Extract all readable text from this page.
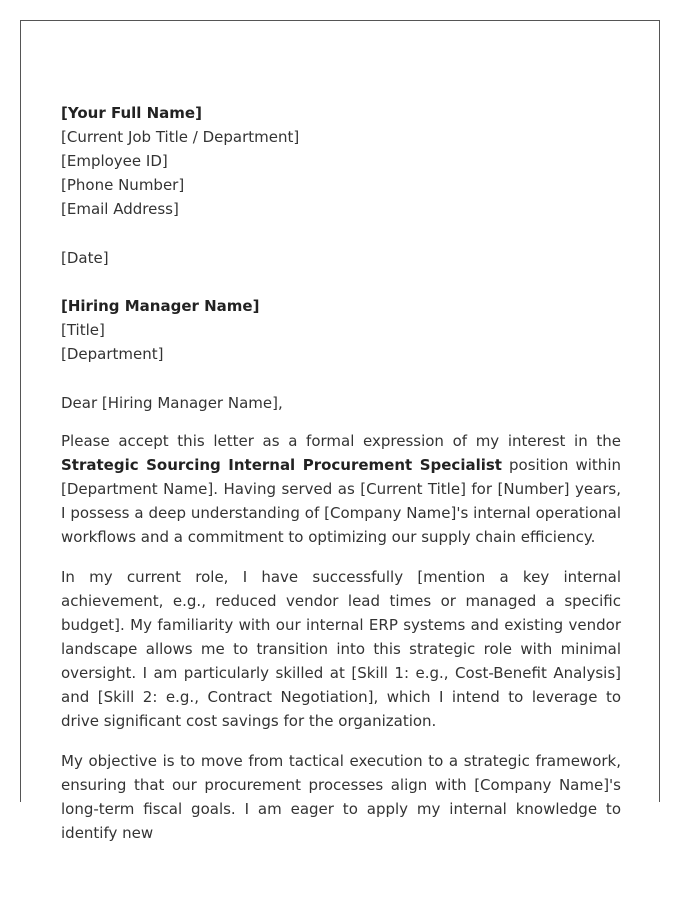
[Your Full Name]
[Current Job Title / Department]
[Employee ID]
[Phone Number]
[Email Address]
[Date]
[Hiring Manager Name]
[Title]
[Department]

Dear [Hiring Manager Name],

Please accept this letter as a formal expression of my interest in the Strategic Sourcing Internal Procurement Specialist position within [Department Name]. Having served as [Current Title] for [Number] years, I possess a deep understanding of [Company Name]'s internal operational workflows and a commitment to optimizing our supply chain efficiency.

In my current role, I have successfully [mention a key internal achievement, e.g., reduced vendor lead times or managed a specific budget]. My familiarity with our internal ERP systems and existing vendor landscape allows me to transition into this strategic role with minimal oversight. I am particularly skilled at [Skill 1: e.g., Cost-Benefit Analysis] and [Skill 2: e.g., Contract Negotiation], which I intend to leverage to drive significant cost savings for the organization.

My objective is to move from tactical execution to a strategic framework, ensuring that our procurement processes align with [Company Name]'s long-term fiscal goals. I am eager to apply my internal knowledge to identify new
